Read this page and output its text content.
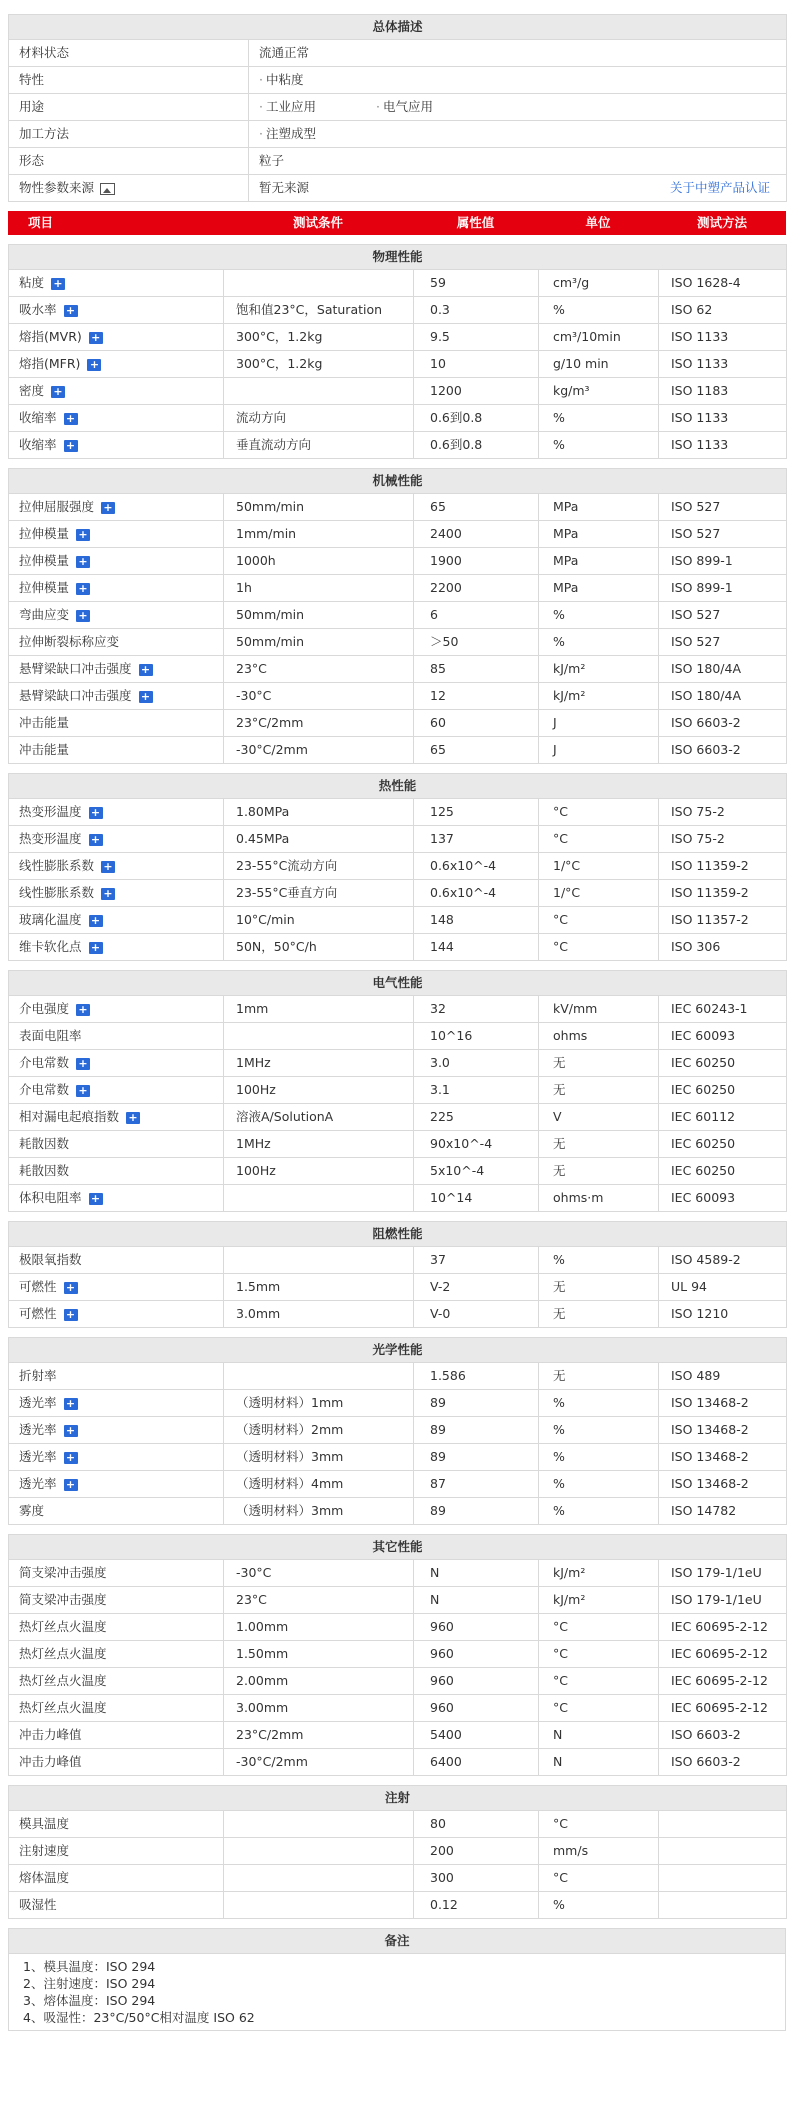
总体描述	
材料状态	流通正常
特性	· 中粘度
用途	· 工业应用 · 电气应用
加工方法	· 注塑成型
形态	粒子
物性参数来源	暂无来源 关于中塑产品认证
项目	测试条件	属性值	单位	测试方法
物理性能				
粘度 +		59	cm³/g	ISO 1628-4
吸水率 +	饱和值23°C，Saturation	0.3	%	ISO 62
熔指(MVR) +	300°C，1.2kg	9.5	cm³/10min	ISO 1133
熔指(MFR) +	300°C，1.2kg	10	g/10 min	ISO 1133
密度 +		1200	kg/m³	ISO 1183
收缩率 +	流动方向	0.6到0.8	%	ISO 1133
收缩率 +	垂直流动方向	0.6到0.8	%	ISO 1133
机械性能				
拉伸屈服强度 +	50mm/min	65	MPa	ISO 527
拉伸模量 +	1mm/min	2400	MPa	ISO 527
拉伸模量 +	1000h	1900	MPa	ISO 899-1
拉伸模量 +	1h	2200	MPa	ISO 899-1
弯曲应变 +	50mm/min	6	%	ISO 527
拉伸断裂标称应变	50mm/min	＞50	%	ISO 527
悬臂梁缺口冲击强度 +	23°C	85	kJ/m²	ISO 180/4A
悬臂梁缺口冲击强度 +	-30°C	12	kJ/m²	ISO 180/4A
冲击能量	23°C/2mm	60	J	ISO 6603-2
冲击能量	-30°C/2mm	65	J	ISO 6603-2
热性能				
热变形温度 +	1.80MPa	125	°C	ISO 75-2
热变形温度 +	0.45MPa	137	°C	ISO 75-2
线性膨胀系数 +	23-55°C流动方向	0.6x10^-4	1/°C	ISO 11359-2
线性膨胀系数 +	23-55°C垂直方向	0.6x10^-4	1/°C	ISO 11359-2
玻璃化温度 +	10°C/min	148	°C	ISO 11357-2
维卡软化点 +	50N，50°C/h	144	°C	ISO 306
电气性能				
介电强度 +	1mm	32	kV/mm	IEC 60243-1
表面电阻率		10^16	ohms	IEC 60093
介电常数 +	1MHz	3.0	无	IEC 60250
介电常数 +	100Hz	3.1	无	IEC 60250
相对漏电起痕指数 +	溶液A/SolutionA	225	V	IEC 60112
耗散因数	1MHz	90x10^-4	无	IEC 60250
耗散因数	100Hz	5x10^-4	无	IEC 60250
体积电阻率 +		10^14	ohms·m	IEC 60093
阻燃性能				
极限氧指数		37	%	ISO 4589-2
可燃性 +	1.5mm	V-2	无	UL 94
可燃性 +	3.0mm	V-0	无	ISO 1210
光学性能				
折射率		1.586	无	ISO 489
透光率 +	（透明材料）1mm	89	%	ISO 13468-2
透光率 +	（透明材料）2mm	89	%	ISO 13468-2
透光率 +	（透明材料）3mm	89	%	ISO 13468-2
透光率 +	（透明材料）4mm	87	%	ISO 13468-2
雾度	（透明材料）3mm	89	%	ISO 14782
其它性能				
简支梁冲击强度	-30°C	N	kJ/m²	ISO 179-1/1eU
简支梁冲击强度	23°C	N	kJ/m²	ISO 179-1/1eU
热灯丝点火温度	1.00mm	960	°C	IEC 60695-2-12
热灯丝点火温度	1.50mm	960	°C	IEC 60695-2-12
热灯丝点火温度	2.00mm	960	°C	IEC 60695-2-12
热灯丝点火温度	3.00mm	960	°C	IEC 60695-2-12
冲击力峰值	23°C/2mm	5400	N	ISO 6603-2
冲击力峰值	-30°C/2mm	6400	N	ISO 6603-2
注射				
模具温度		80	°C	
注射速度		200	mm/s	
熔体温度		300	°C	
吸湿性		0.12	%	
备注

1、模具温度：ISO 294
2、注射速度：ISO 294
3、熔体温度：ISO 294
4、吸湿性：23°C/50°C相对温度 ISO 62
